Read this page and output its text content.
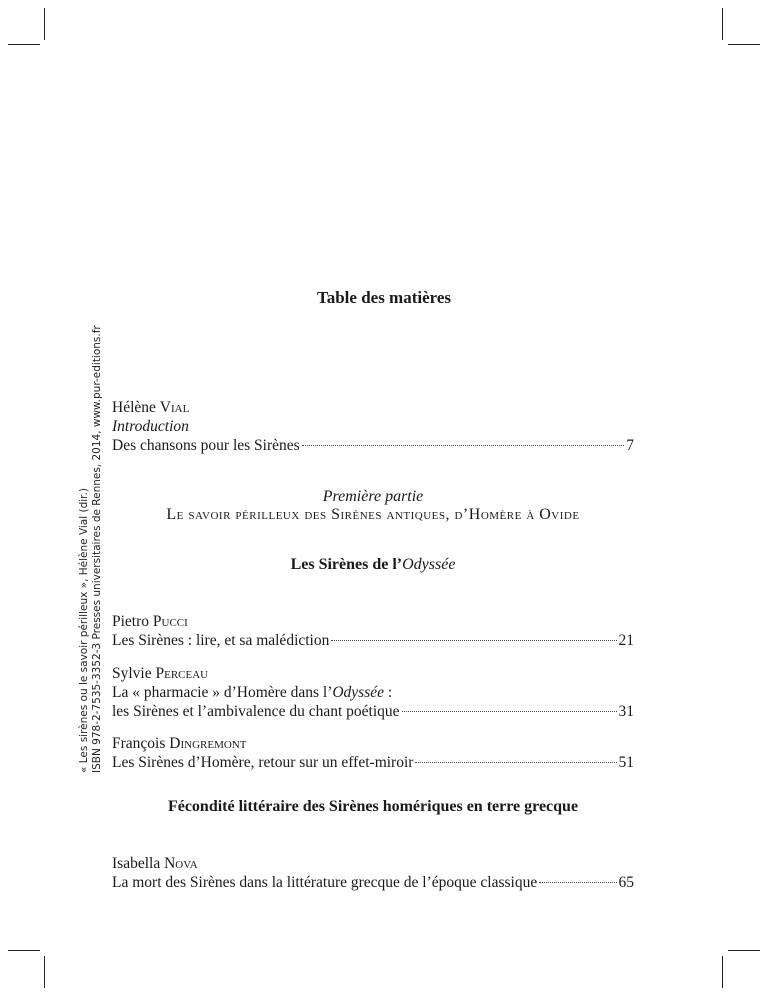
« Les sirènes ou le savoir périlleux », Hélène Vial (dir.) ISBN 978-2-7535-3352-3 Presses universitaires de Rennes, 2014, www.pur-editions.fr
Table des matières
Hélène Vial
Introduction
Des chansons pour les Sirènes	7
Première partie
Le savoir périlleux des Sirènes antiques, d’Homère à Ovide
Les Sirènes de l’Odyssée
Pietro Pucci
Les Sirènes : lire, et sa malédiction	21
Sylvie Perceau
La « pharmacie » d’Homère dans l’Odyssée :
les Sirènes et l’ambivalence du chant poétique	31
François Dingremont
Les Sirènes d’Homère, retour sur un effet-miroir	51
Fécondité littéraire des Sirènes homériques en terre grecque
Isabella Nova
La mort des Sirènes dans la littérature grecque de l’époque classique	65
